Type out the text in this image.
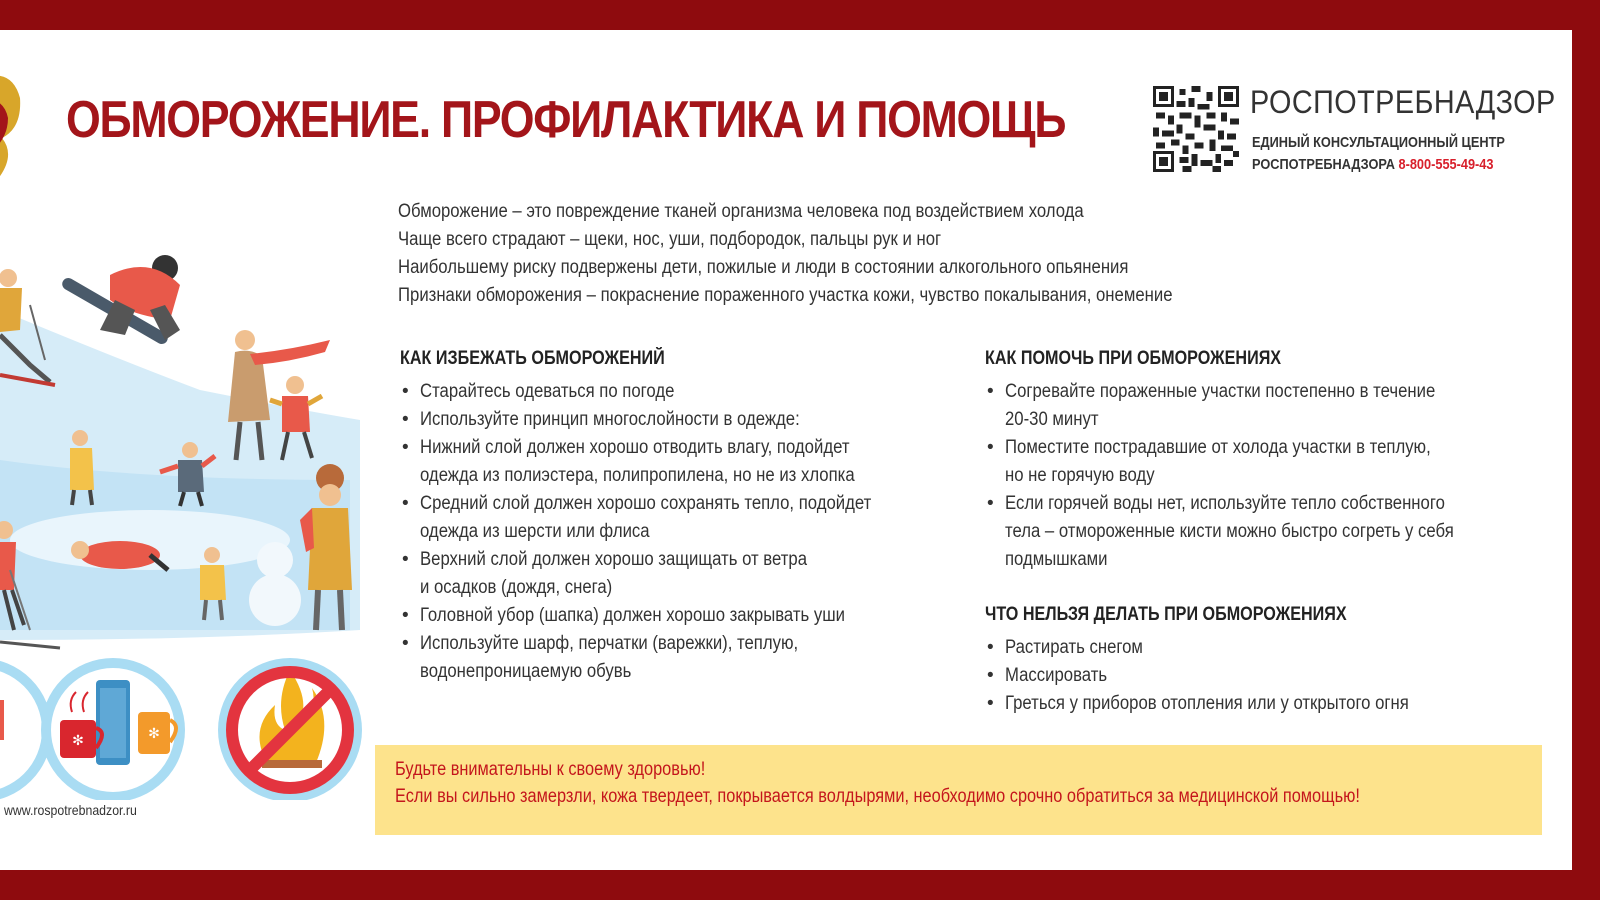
ОБМОРОЖЕНИЕ. ПРОФИЛАКТИКА И ПОМОЩЬ	РОСПОТРЕБНАДЗОР
ЕДИНЫЙ КОНСУЛЬТАЦИОННЫЙ ЦЕНТР
РОСПОТРЕБНАДЗОРА 8-800-555-49-43

Обморожение – это повреждение тканей организма человека под воздействием холода

Чаще всего страдают – щеки, нос, уши, подбородок, пальцы рук и ног

Наибольшему риску подвержены дети, пожилые и люди в состоянии алкогольного опьянения

Признаки обморожения – покраснение пораженного участка кожи, чувство покалывания, онемение

КАК ИЗБЕЖАТЬ ОБМОРОЖЕНИЙ
• Старайтесь одеваться по погоде
• Используйте принцип многослойности в одежде:
• Нижний слой должен хорошо отводить влагу, подойдет
одежда из полиэстера, полипропилена, но не из хлопка
• Средний слой должен хорошо сохранять тепло, подойдет
одежда из шерсти или флиса
• Верхний слой должен хорошо защищать от ветра
и осадков (дождя, снега)
• Головной убор (шапка) должен хорошо закрывать уши
• Используйте шарф, перчатки (варежки), теплую,
водонепроницаемую обувь
КАК ПОМОЧЬ ПРИ ОБМОРОЖЕНИЯХ
• Согревайте пораженные участки постепенно в течение
20-30 минут
• Поместите пострадавшие от холода участки в теплую,
но не горячую воду
• Если горячей воды нет, используйте тепло собственного
тела – отмороженные кисти можно быстро согреть у себя
подмышками
ЧТО НЕЛЬЗЯ ДЕЛАТЬ ПРИ ОБМОРОЖЕНИЯХ
• Растирать снегом
• Массировать
• Греться у приборов отопления или у открытого огня

Будьте внимательны к своему здоровью!

Если вы сильно замерзли, кожа твердеет, покрывается волдырями, необходимо срочно обратиться за медицинской помощью!

✻	✻
www.rospotrebnadzor.ru
